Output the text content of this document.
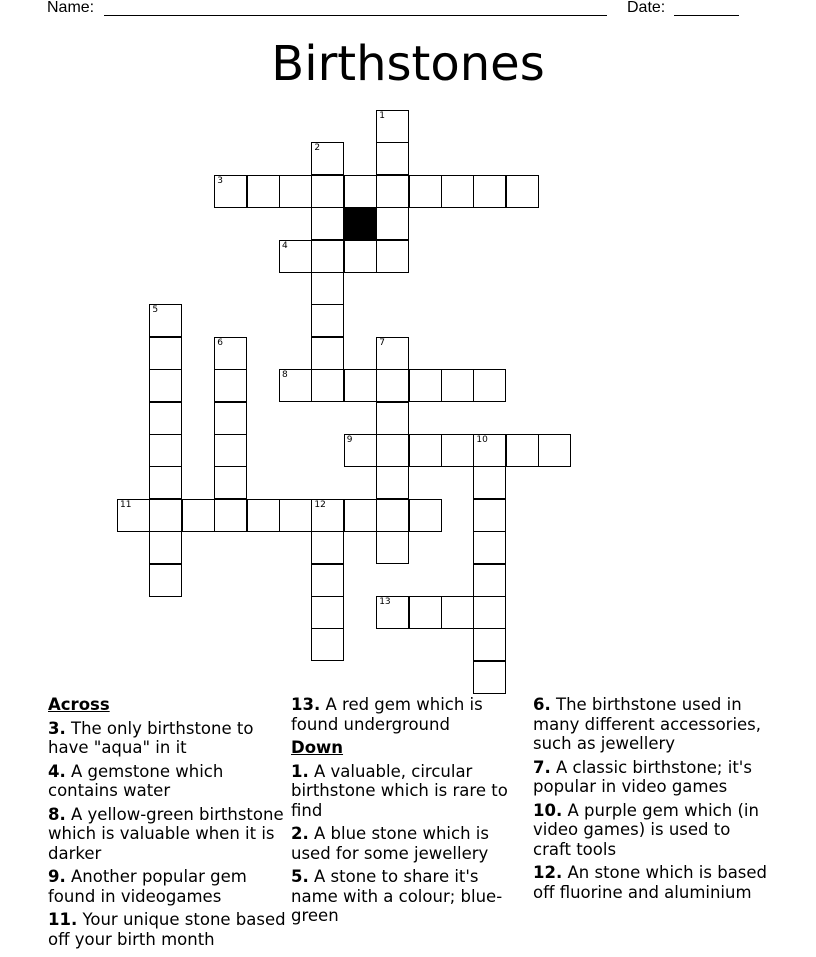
Name:	Date:
Birthstones
1
2
3
4
5
6	7
8
9	10
11	12
13
Across
3. The only birthstone to have "aqua" in it
4. A gemstone which contains water
8. A yellow-green birthstone which is valuable when it is darker
9. Another popular gem found in videogames
11. Your unique stone based off your birth month
13. A red gem which is found underground
Down
1. A valuable, circular birthstone which is rare to find
2. A blue stone which is used for some jewellery
5. A stone to share it's name with a colour; blue-green
6. The birthstone used in many different accessories, such as jewellery
7. A classic birthstone; it's popular in video games
10. A purple gem which (in video games) is used to craft tools
12. An stone which is based off fluorine and aluminium
